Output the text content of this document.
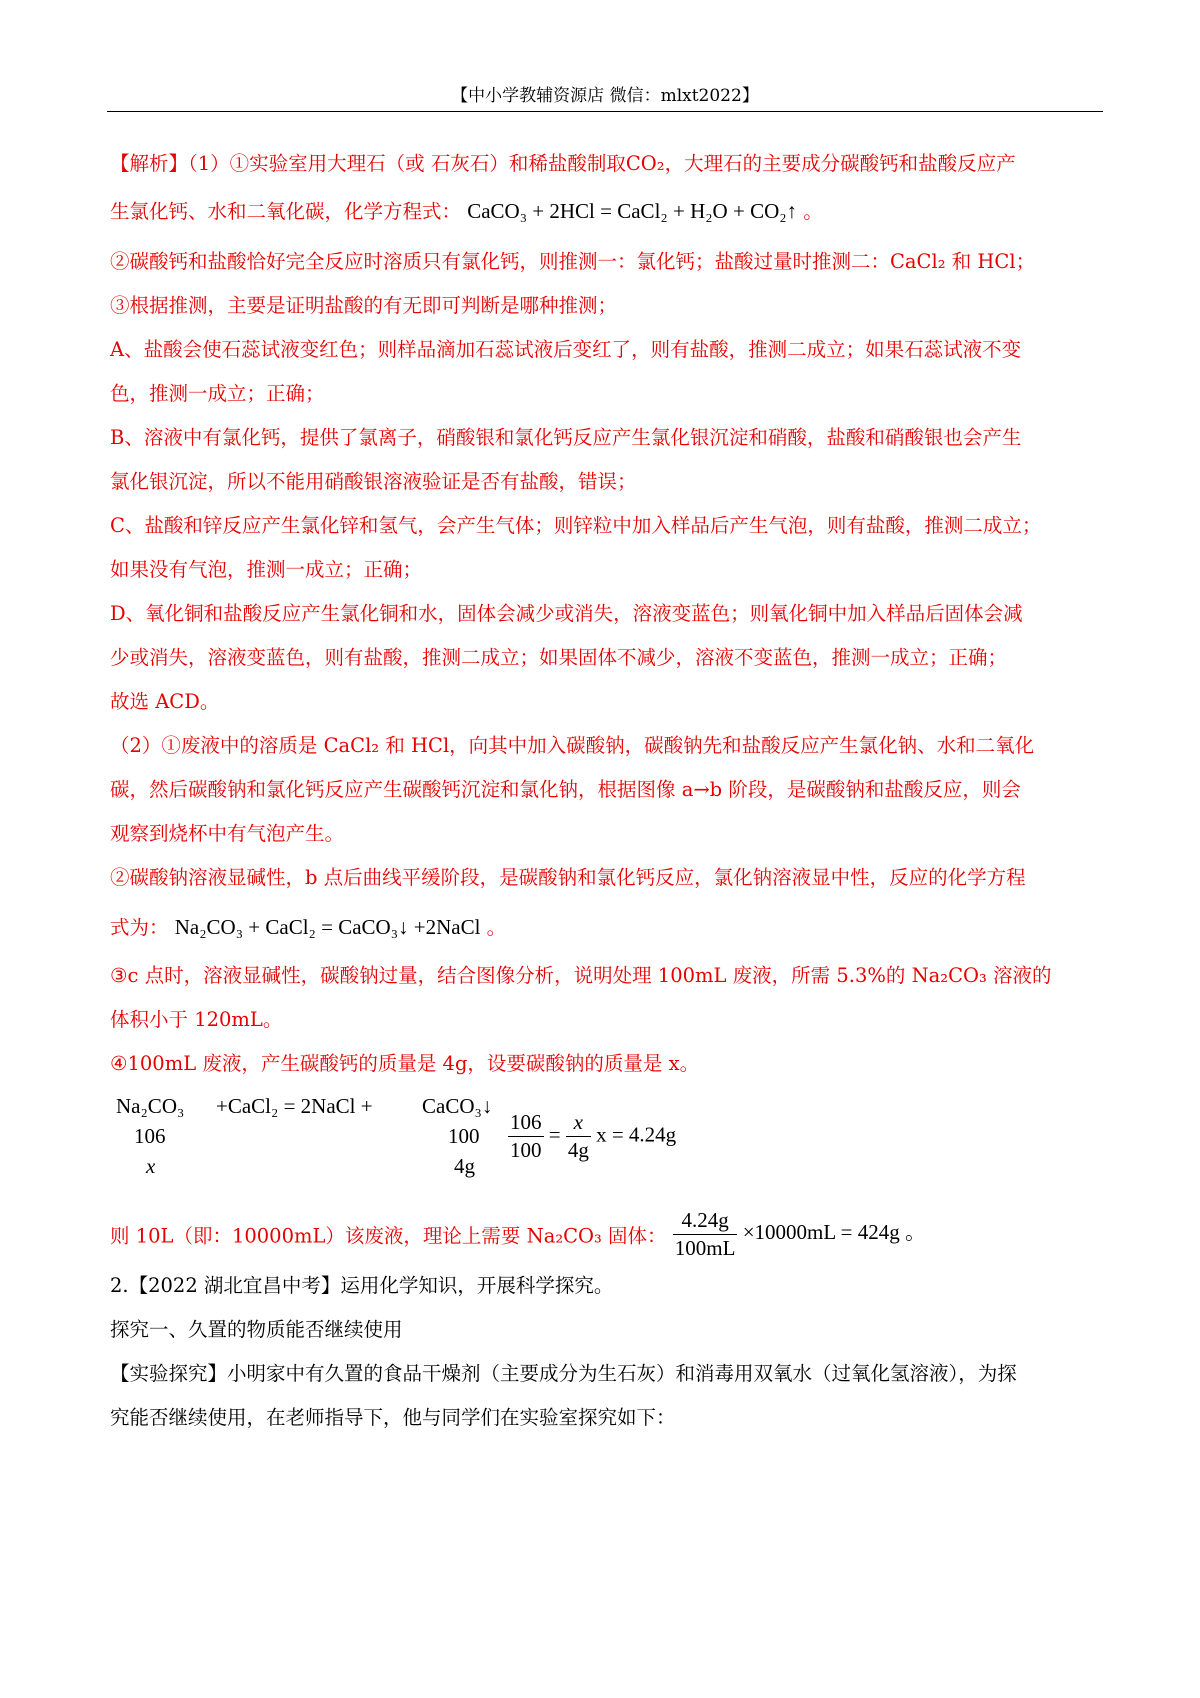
【中小学教辅资源店 微信：mlxt2022】
【解析】（1）①实验室用大理石（或 石灰石）和稀盐酸制取CO₂，大理石的主要成分碳酸钙和盐酸反应产
生氯化钙、水和二氧化碳，化学方程式： CaCO₃ + 2HCl = CaCl₂ + H₂O + CO₂↑ 。
②碳酸钙和盐酸恰好完全反应时溶质只有氯化钙，则推测一：氯化钙；盐酸过量时推测二：CaCl₂ 和 HCl；
③根据推测，主要是证明盐酸的有无即可判断是哪种推测；
A、盐酸会使石蕊试液变红色；则样品滴加石蕊试液后变红了，则有盐酸，推测二成立；如果石蕊试液不变
色，推测一成立；正确；
B、溶液中有氯化钙，提供了氯离子，硝酸银和氯化钙反应产生氯化银沉淀和硝酸，盐酸和硝酸银也会产生
氯化银沉淀，所以不能用硝酸银溶液验证是否有盐酸，错误；
C、盐酸和锌反应产生氯化锌和氢气，会产生气体；则锌粒中加入样品后产生气泡，则有盐酸，推测二成立；
如果没有气泡，推测一成立；正确；
D、氧化铜和盐酸反应产生氯化铜和水，固体会减少或消失，溶液变蓝色；则氧化铜中加入样品后固体会减
少或消失，溶液变蓝色，则有盐酸，推测二成立；如果固体不减少，溶液不变蓝色，推测一成立；正确；
故选 ACD。
（2）①废液中的溶质是 CaCl₂ 和 HCl，向其中加入碳酸钠，碳酸钠先和盐酸反应产生氯化钠、水和二氧化
碳，然后碳酸钠和氯化钙反应产生碳酸钙沉淀和氯化钠，根据图像 a→b 阶段，是碳酸钠和盐酸反应，则会
观察到烧杯中有气泡产生。
②碳酸钠溶液显碱性，b 点后曲线平缓阶段，是碳酸钠和氯化钙反应，氯化钠溶液显中性，反应的化学方程
式为： Na₂CO₃ + CaCl₂ = CaCO₃↓ +2NaCl 。
③c 点时，溶液显碱性，碳酸钠过量，结合图像分析，说明处理 100mL 废液，所需 5.3%的 Na₂CO₃ 溶液的
体积小于 120mL。
④100mL 废液，产生碳酸钙的质量是 4g，设要碳酸钠的质量是 x。
Na₂CO₃ +CaCl₂ = 2NaCl + CaCO₃↓
106	100
x	4g
$\frac{106}{100} = \frac{x}{4g}$ x = 4.24g
则 10L（即：10000mL）该废液，理论上需要 Na₂CO₃ 固体： $\frac{4.24g}{100mL} \times 10000mL = 424g$ 。
2.【2022 湖北宜昌中考】运用化学知识，开展科学探究。
探究一、久置的物质能否继续使用
【实验探究】小明家中有久置的食品干燥剂（主要成分为生石灰）和消毒用双氧水（过氧化氢溶液），为探
究能否继续使用，在老师指导下，他与同学们在实验室探究如下：
